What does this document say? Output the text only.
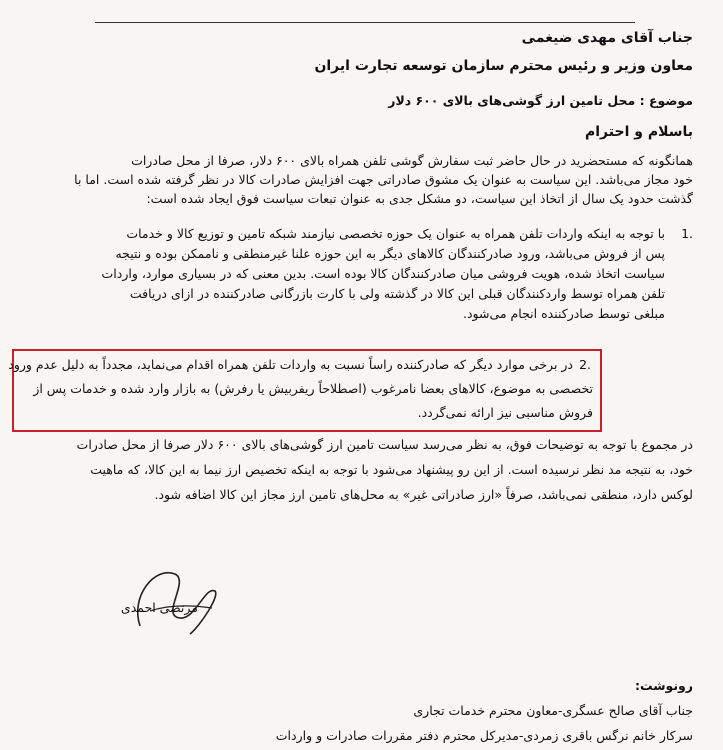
جناب آقای مهدی ضیغمی
معاون وزیر و رئیس محترم سازمان توسعه تجارت ایران
موضوع : محل تامین ارز گوشی‌های بالای ۶۰۰ دلار
باسلام و احترام
همانگونه که مستحضرید در حال حاضر ثبت سفارش گوشی تلفن همراه بالای ۶۰۰ دلار، صرفا از محل صادرات
خود مجاز می‌باشد. این سیاست به عنوان یک مشوق صادراتی جهت افزایش صادرات کالا در نظر گرفته شده است. اما با
گذشت حدود یک سال از اتخاذ این سیاست، دو مشکل جدی به عنوان تبعات سیاست فوق ایجاد شده است:
1.
با توجه به اینکه واردات تلفن همراه به عنوان یک حوزه تخصصی نیازمند شبکه تامین و توزیع کالا و خدمات
پس از فروش می‌باشد، ورود صادرکنندگان کالاهای دیگر به این حوزه علنا غیرمنطقی و ناممکن بوده و نتیجه
سیاست اتخاذ شده، هویت فروشی میان صادرکنندگان کالا بوده است. بدین معنی که در بسیاری موارد، واردات
تلفن همراه توسط واردکنندگان قبلی این کالا در گذشته ولی با کارت بازرگانی صادرکننده در ازای دریافت
مبلغی توسط صادرکننده انجام می‌شود.
2.
در برخی موارد دیگر که صادرکننده راساً نسبت به واردات تلفن همراه اقدام می‌نماید، مجدداً به دلیل عدم ورود
تخصصی به موضوع، کالاهای بعضا نامرغوب (اصطلاحاً ریفربیش یا رفرش) به بازار وارد شده و خدمات پس از
فروش مناسبی نیز ارائه نمی‌گردد.
در مجموع با توجه به توضیحات فوق، به نظر می‌رسد سیاست تامین ارز گوشی‌های بالای ۶۰۰ دلار صرفا از محل صادرات
خود، به نتیجه مد نظر نرسیده است. از این رو پیشنهاد می‌شود با توجه به اینکه تخصیص ارز نیما به این کالا، که ماهیت
لوکس دارد، منطقی نمی‌باشد، صرفاً «ارز صادراتی غیر» به محل‌های تامین ارز مجاز این کالا اضافه شود.
مرتضی احمدی
رونوشت:
جناب آقای صالح عسگری-معاون محترم خدمات تجاری
سرکار خانم نرگس باقری زمردی-مدیرکل محترم دفتر مقررات صادرات و واردات
